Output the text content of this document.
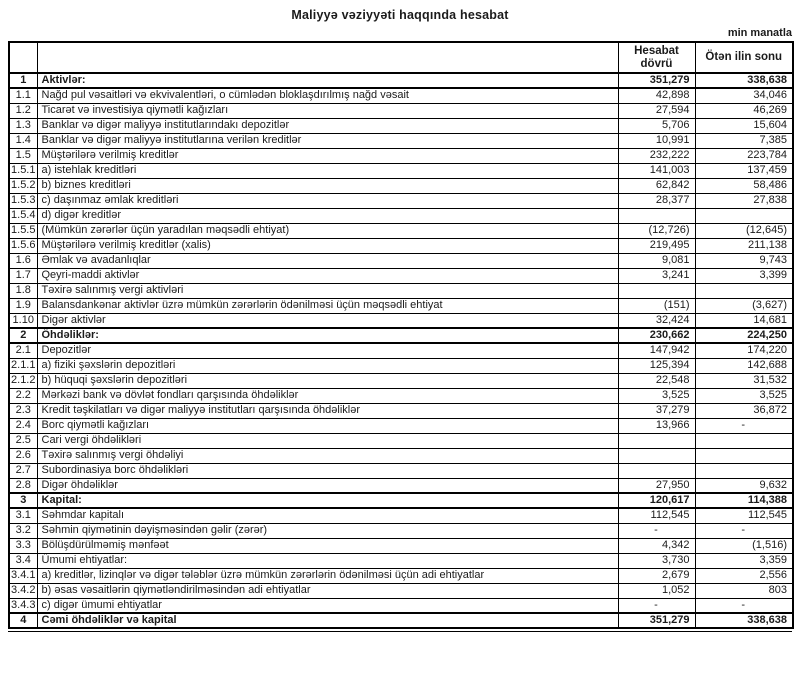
Maliyyə vəziyyəti haqqında hesabat
min manatla
		Hesabat dövrü	Ötən ilin sonu
1	Aktivlər:	351,279	338,638
1.1	Nağd pul vəsaitləri və ekvivalentləri, o cümlədən bloklaşdırılmış nağd vəsait	42,898	34,046
1.2	Ticarət və investisiya qiymətli kağızları	27,594	46,269
1.3	Banklar və digər maliyyə institutlarındakı depozitlər	5,706	15,604
1.4	Banklar və digər maliyyə institutlarına verilən kreditlər	10,991	7,385
1.5	Müştərilərə verilmiş kreditlər	232,222	223,784
1.5.1	a) istehlak kreditləri	141,003	137,459
1.5.2	b) biznes kreditləri	62,842	58,486
1.5.3	c) daşınmaz əmlak kreditləri	28,377	27,838
1.5.4	d) digər kreditlər		
1.5.5	(Mümkün zərərlər üçün yaradılan məqsədli ehtiyat)	(12,726)	(12,645)
1.5.6	Müştərilərə verilmiş kreditlər (xalis)	219,495	211,138
1.6	Əmlak və avadanlıqlar	9,081	9,743
1.7	Qeyri-maddi aktivlər	3,241	3,399
1.8	Təxirə salınmış vergi aktivləri		
1.9	Balansdankənar aktivlər üzrə mümkün zərərlərin ödənilməsi üçün məqsədli ehtiyat	(151)	(3,627)
1.10	Digər aktivlər	32,424	14,681
2	Öhdəliklər:	230,662	224,250
2.1	Depozitlər	147,942	174,220
2.1.1	a) fiziki şəxslərin depozitləri	125,394	142,688
2.1.2	b) hüquqi şəxslərin depozitləri	22,548	31,532
2.2	Mərkəzi bank və dövlət fondları qarşısında öhdəliklər	3,525	3,525
2.3	Kredit təşkilatları və digər maliyyə institutları qarşısında öhdəliklər	37,279	36,872
2.4	Borc qiymətli kağızları	13,966	-
2.5	Cari vergi öhdəlikləri		
2.6	Təxirə salınmış vergi öhdəliyi		
2.7	Subordinasiya borc öhdəlikləri		
2.8	Digər öhdəliklər	27,950	9,632
3	Kapital:	120,617	114,388
3.1	Səhmdar kapitalı	112,545	112,545
3.2	Səhmin qiymətinin dəyişməsindən gəlir (zərər)	-	-
3.3	Bölüşdürülməmiş mənfəət	4,342	(1,516)
3.4	Ümumi ehtiyatlar:	3,730	3,359
3.4.1	a) kreditlər, lizinqlər və digər tələblər üzrə mümkün zərərlərin ödənilməsi üçün adi ehtiyatlar	2,679	2,556
3.4.2	b) əsas vəsaitlərin qiymətləndirilməsindən adi ehtiyatlar	1,052	803
3.4.3	c) digər ümumi ehtiyatlar	-	-
4	Cəmi öhdəliklər və kapital	351,279	338,638
